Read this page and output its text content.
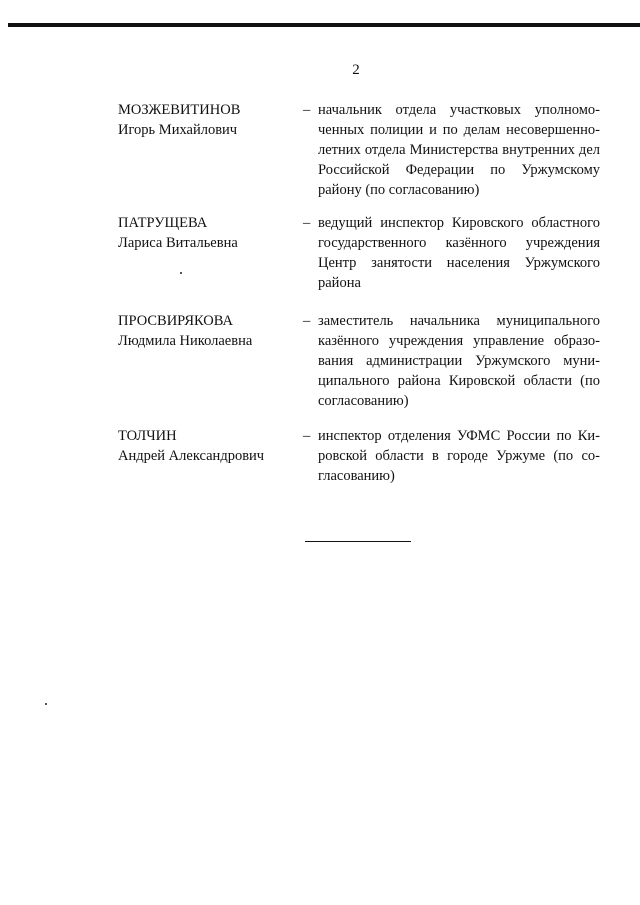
2
МОЗЖЕВИТИНОВ
Игорь Михайлович
– начальник отдела участковых уполномоченных полиции и по делам несовершеннолетних отдела Министерства внутренних дел Российской Федерации по Уржумскому району (по согласованию)
ПАТРУЩЕВА
Лариса Витальевна
– ведущий инспектор Кировского областного государственного казённого учреждения Центр занятости населения Уржумского района
ПРОСВИРЯКОВА
Людмила Николаевна
– заместитель начальника муниципального казённого учреждения управление образования администрации Уржумского муниципального района Кировской области (по согласованию)
ТОЛЧИН
Андрей Александрович
– инспектор отделения УФМС России по Кировской области в городе Уржуме (по согласованию)
